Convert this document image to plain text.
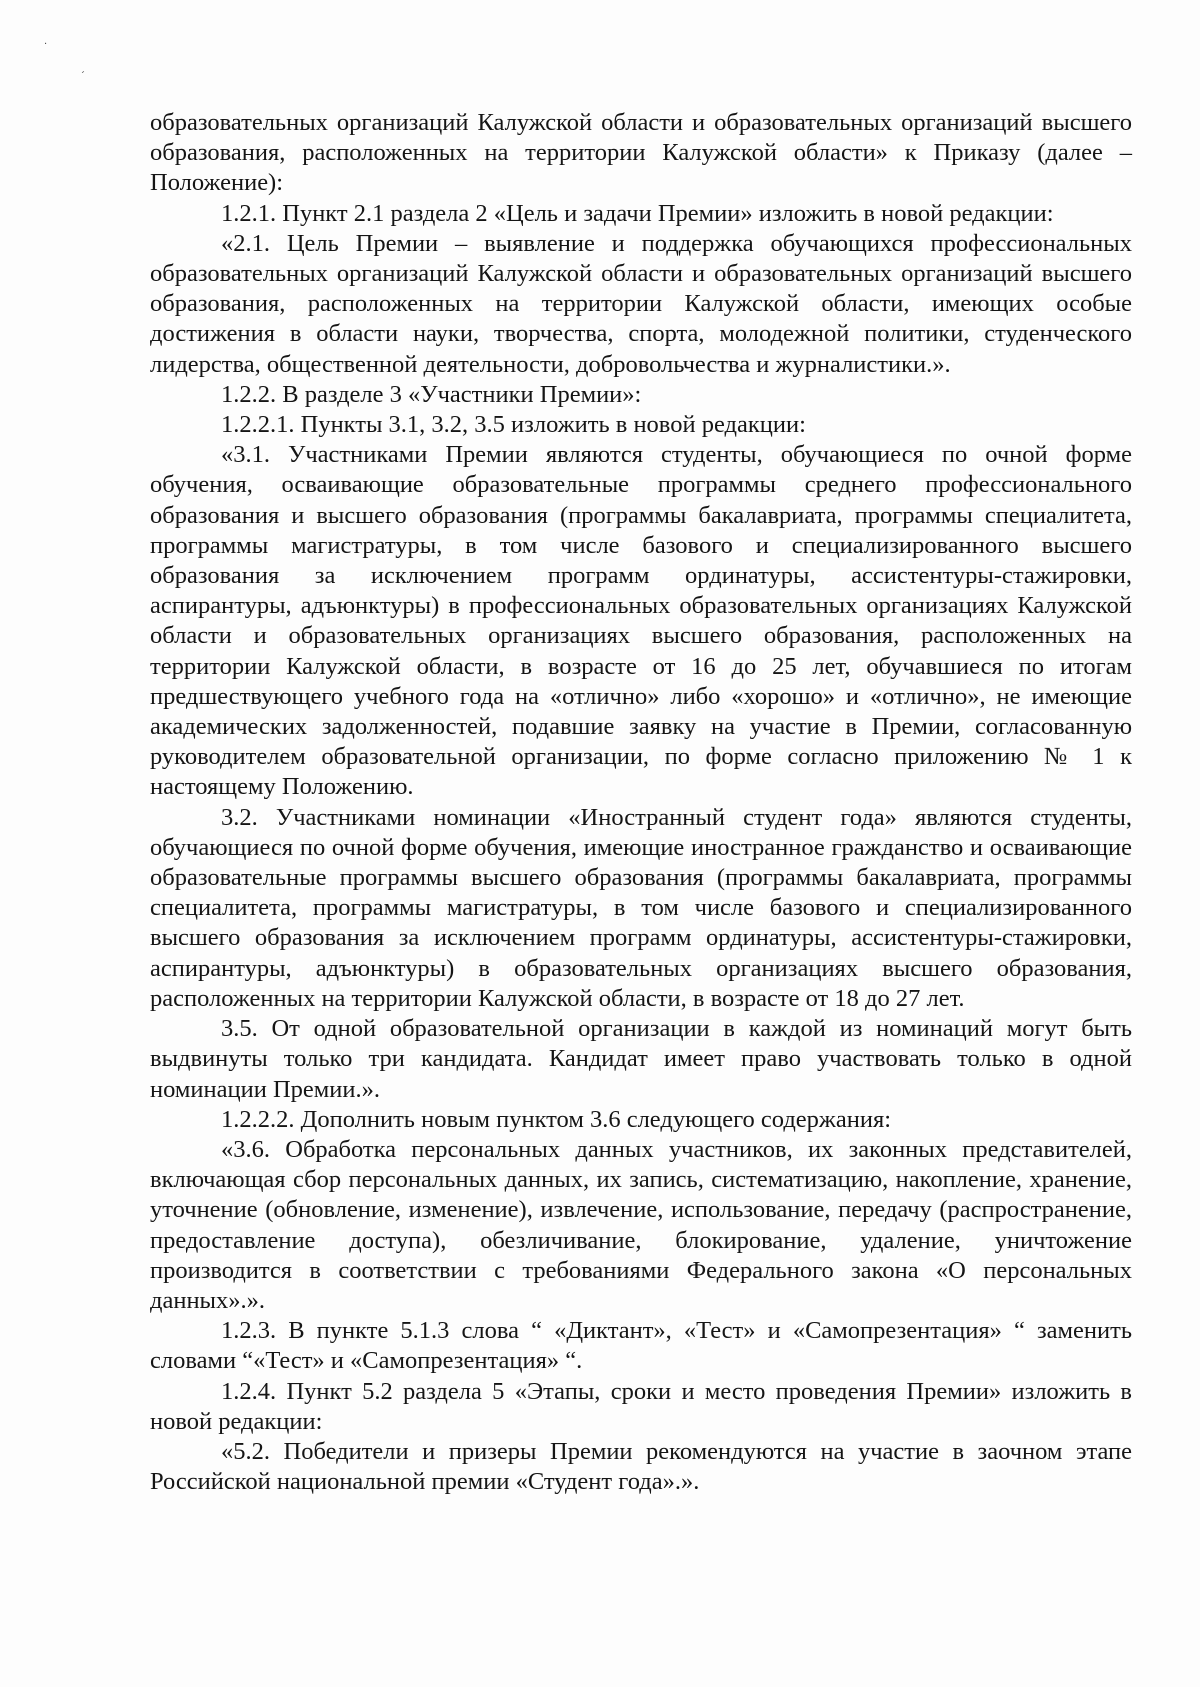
·
ˊ

образовательных организаций Калужской области и образовательных организаций высшего образования, расположенных на территории Калужской области» к Приказу (далее – Положение):

1.2.1. Пункт 2.1 раздела 2 «Цель и задачи Премии» изложить в новой редакции:

«2.1. Цель Премии – выявление и поддержка обучающихся профессиональных образовательных организаций Калужской области и образовательных организаций высшего образования, расположенных на территории Калужской области, имеющих особые достижения в области науки, творчества, спорта, молодежной политики, студенческого лидерства, общественной деятельности, добровольчества и журналистики.».

1.2.2. В разделе 3 «Участники Премии»:

1.2.2.1. Пункты 3.1, 3.2, 3.5 изложить в новой редакции:

«3.1. Участниками Премии являются студенты, обучающиеся по очной форме обучения, осваивающие образовательные программы среднего профессионального образования и высшего образования (программы бакалавриата, программы специалитета, программы магистратуры, в том числе базового и специализированного высшего образования за исключением программ ординатуры, ассистентуры-стажировки, аспирантуры, адъюнктуры) в профессиональных образовательных организациях Калужской области и образовательных организациях высшего образования, расположенных на территории Калужской области, в возрасте от 16 до 25 лет, обучавшиеся по итогам предшествующего учебного года на «отлично» либо «хорошо» и «отлично», не имеющие академических задолженностей, подавшие заявку на участие в Премии, согласованную руководителем образовательной организации, по форме согласно приложению № 1 к настоящему Положению.

3.2. Участниками номинации «Иностранный студент года» являются студенты, обучающиеся по очной форме обучения, имеющие иностранное гражданство и осваивающие образовательные программы высшего образования (программы бакалавриата, программы специалитета, программы магистратуры, в том числе базового и специализированного высшего образования за исключением программ ординатуры, ассистентуры-стажировки, аспирантуры, адъюнктуры) в образовательных организациях высшего образования, расположенных на территории Калужской области, в возрасте от 18 до 27 лет.

3.5. От одной образовательной организации в каждой из номинаций могут быть выдвинуты только три кандидата. Кандидат имеет право участвовать только в одной номинации Премии.».

1.2.2.2. Дополнить новым пунктом 3.6 следующего содержания:

«3.6. Обработка персональных данных участников, их законных представителей, включающая сбор персональных данных, их запись, систематизацию, накопление, хранение, уточнение (обновление, изменение), извлечение, использование, передачу (распространение, предоставление доступа), обезличивание, блокирование, удаление, уничтожение производится в соответствии с требованиями Федерального закона «О персональных данных».».

1.2.3. В пункте 5.1.3 слова “ «Диктант», «Тест» и «Самопрезентация» “ заменить словами “«Тест» и «Самопрезентация» “.

1.2.4. Пункт 5.2 раздела 5 «Этапы, сроки и место проведения Премии» изложить в новой редакции:

«5.2. Победители и призеры Премии рекомендуются на участие в заочном этапе Российской национальной премии «Студент года».».
